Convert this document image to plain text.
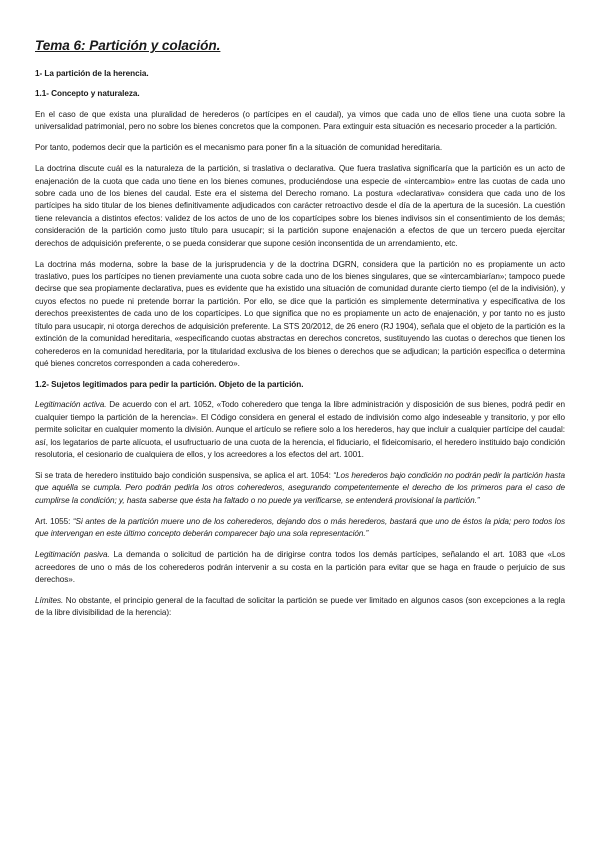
Tema 6: Partición y colación.
1- La partición de la herencia.
1.1- Concepto y naturaleza.

En el caso de que exista una pluralidad de herederos (o partícipes en el caudal), ya vimos que cada uno de ellos tiene una cuota sobre la universalidad patrimonial, pero no sobre los bienes concretos que la componen. Para extinguir esta situación es necesario proceder a la partición.

Por tanto, podemos decir que la partición es el mecanismo para poner fin a la situación de comunidad hereditaria.

La doctrina discute cuál es la naturaleza de la partición, si traslativa o declarativa. Que fuera traslativa significaría que la partición es un acto de enajenación de la cuota que cada uno tiene en los bienes comunes, produciéndose una especie de «intercambio» entre las cuotas de cada uno sobre cada uno de los bienes del caudal. Este era el sistema del Derecho romano. La postura «declarativa» considera que cada uno de los partícipes ha sido titular de los bienes definitivamente adjudicados con carácter retroactivo desde el día de la apertura de la sucesión. La cuestión tiene relevancia a distintos efectos: validez de los actos de uno de los copartícipes sobre los bienes indivisos sin el consentimiento de los demás; consideración de la partición como justo título para usucapir; si la partición supone enajenación a efectos de que un tercero pueda ejercitar derechos de adquisición preferente, o se pueda considerar que supone cesión inconsentida de un arrendamiento, etc.

La doctrina más moderna, sobre la base de la jurisprudencia y de la doctrina DGRN, considera que la partición no es propiamente un acto traslativo, pues los partícipes no tienen previamente una cuota sobre cada uno de los bienes singulares, que se «intercambiarían»; tampoco puede decirse que sea propiamente declarativa, pues es evidente que ha existido una situación de comunidad durante cierto tiempo (el de la indivisión), y cuyos efectos no puede ni pretende borrar la partición. Por ello, se dice que la partición es simplemente determinativa y especificativa de los derechos preexistentes de cada uno de los copartícipes. Lo que significa que no es propiamente un acto de enajenación, y por tanto no es justo título para usucapir, ni otorga derechos de adquisición preferente. La STS 20/2012, de 26 enero (RJ 1904), señala que el objeto de la partición es la extinción de la comunidad hereditaria, «especificando cuotas abstractas en derechos concretos, sustituyendo las cuotas o derechos que tienen los coherederos en la comunidad hereditaria, por la titularidad exclusiva de los bienes o derechos que se adjudican; la partición especifica o determina qué bienes concretos corresponden a cada coheredero».

1.2- Sujetos legitimados para pedir la partición. Objeto de la partición.

Legitimación activa. De acuerdo con el art. 1052, «Todo coheredero que tenga la libre administración y disposición de sus bienes, podrá pedir en cualquier tiempo la partición de la herencia». El Código considera en general el estado de indivisión como algo indeseable y transitorio, y por ello permite solicitar en cualquier momento la división. Aunque el artículo se refiere solo a los herederos, hay que incluir a cualquier partícipe del caudal: así, los legatarios de parte alícuota, el usufructuario de una cuota de la herencia, el fiduciario, el fideicomisario, el heredero instituido bajo condición resolutoria, el cesionario de cualquiera de ellos, y los acreedores a los efectos del art. 1001.

Si se trata de heredero instituido bajo condición suspensiva, se aplica el art. 1054: “Los herederos bajo condición no podrán pedir la partición hasta que aquélla se cumpla. Pero podrán pedirla los otros coherederos, asegurando competentemente el derecho de los primeros para el caso de cumplirse la condición; y, hasta saberse que ésta ha faltado o no puede ya verificarse, se entenderá provisional la partición.”

Art. 1055: “Si antes de la partición muere uno de los coherederos, dejando dos o más herederos, bastará que uno de éstos la pida; pero todos los que intervengan en este último concepto deberán comparecer bajo una sola representación.”

Legitimación pasiva. La demanda o solicitud de partición ha de dirigirse contra todos los demás partícipes, señalando el art. 1083 que «Los acreedores de uno o más de los coherederos podrán intervenir a su costa en la partición para evitar que se haga en fraude o perjuicio de sus derechos».

Límites. No obstante, el principio general de la facultad de solicitar la partición se puede ver limitado en algunos casos (son excepciones a la regla de la libre divisibilidad de la herencia):
